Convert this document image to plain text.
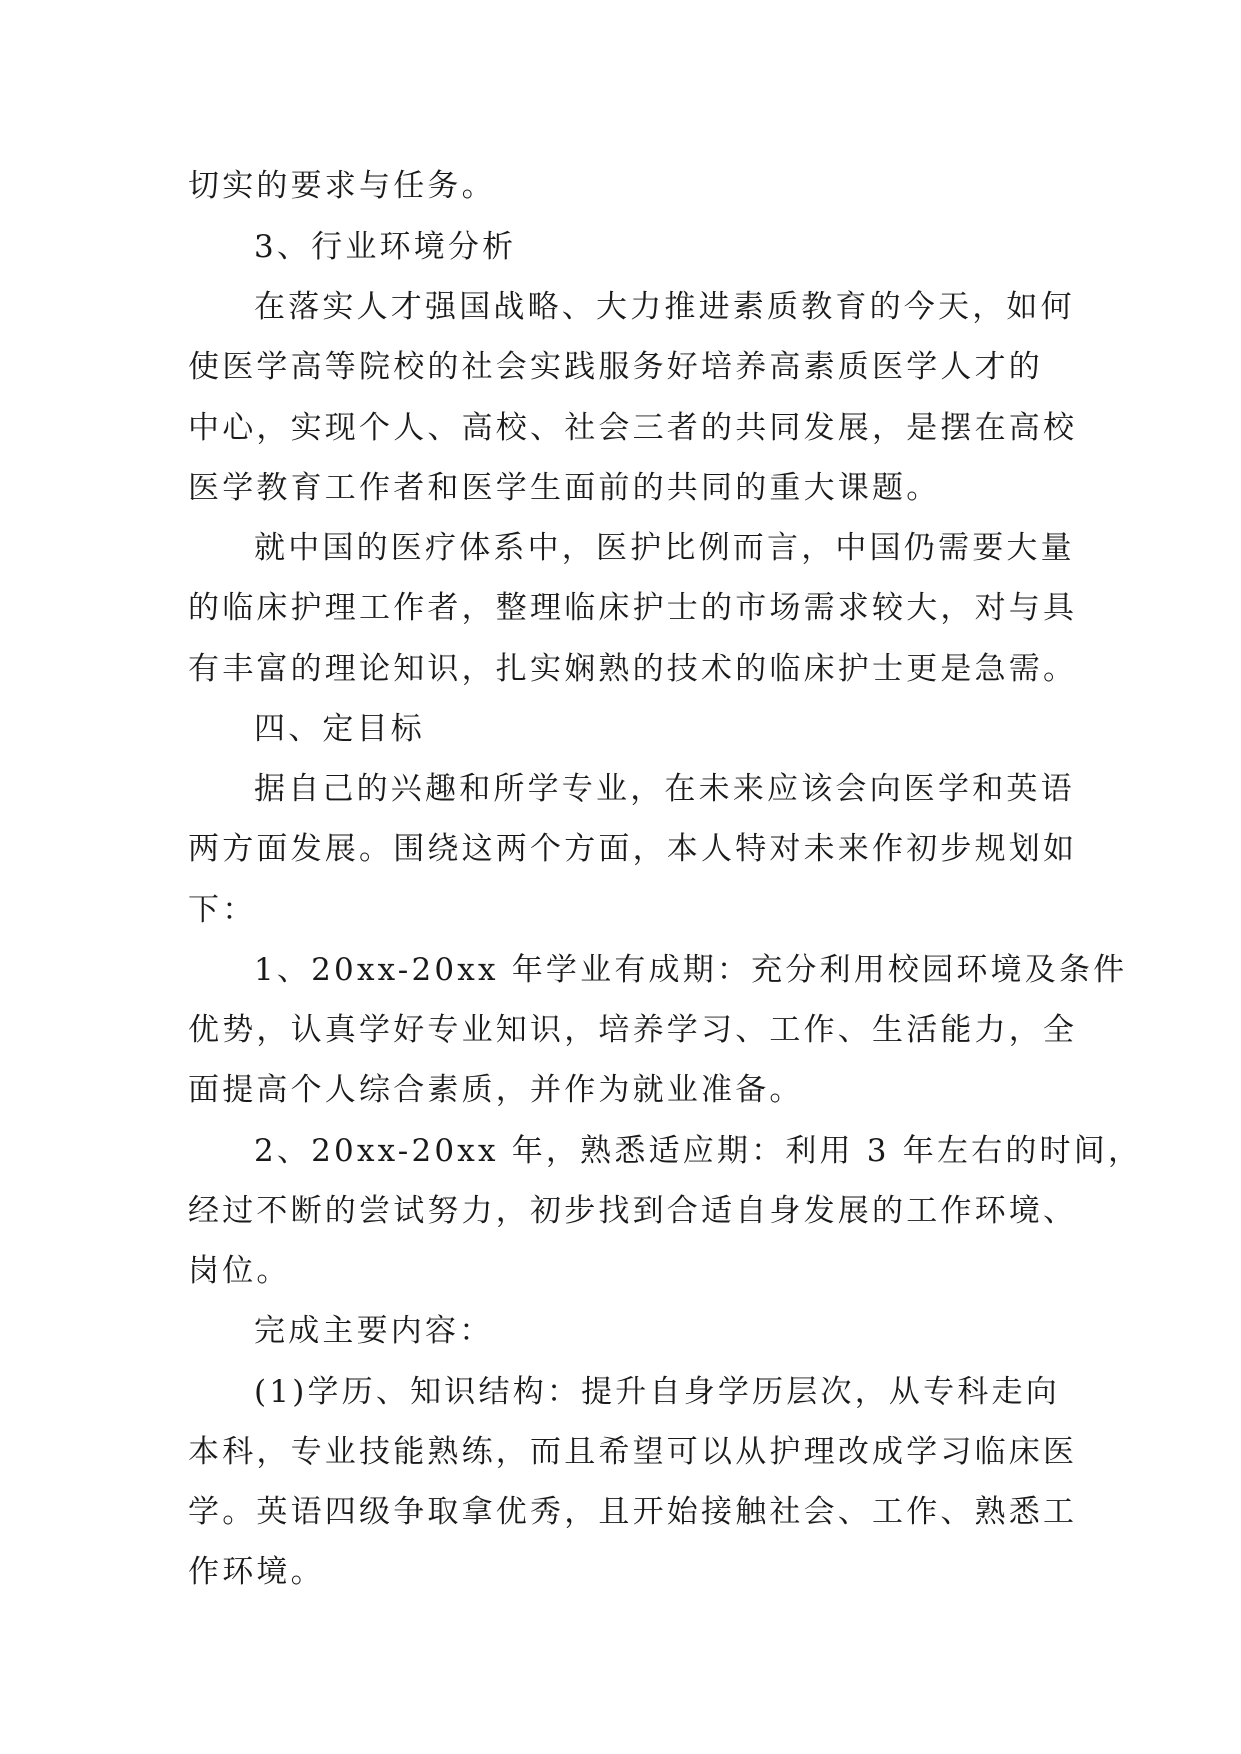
切实的要求与任务。
3、行业环境分析
在落实人才强国战略、大力推进素质教育的今天，如何
使医学高等院校的社会实践服务好培养高素质医学人才的
中心，实现个人、高校、社会三者的共同发展，是摆在高校
医学教育工作者和医学生面前的共同的重大课题。
就中国的医疗体系中，医护比例而言，中国仍需要大量
的临床护理工作者，整理临床护士的市场需求较大，对与具
有丰富的理论知识，扎实娴熟的技术的临床护士更是急需。
四、定目标
据自己的兴趣和所学专业，在未来应该会向医学和英语
两方面发展。围绕这两个方面，本人特对未来作初步规划如
下：
1、20xx-20xx 年学业有成期：充分利用校园环境及条件
优势，认真学好专业知识，培养学习、工作、生活能力，全
面提高个人综合素质，并作为就业准备。
2、20xx-20xx 年，熟悉适应期：利用 3 年左右的时间，
经过不断的尝试努力，初步找到合适自身发展的工作环境、
岗位。
完成主要内容：
(1)学历、知识结构：提升自身学历层次，从专科走向
本科，专业技能熟练，而且希望可以从护理改成学习临床医
学。英语四级争取拿优秀，且开始接触社会、工作、熟悉工
作环境。
